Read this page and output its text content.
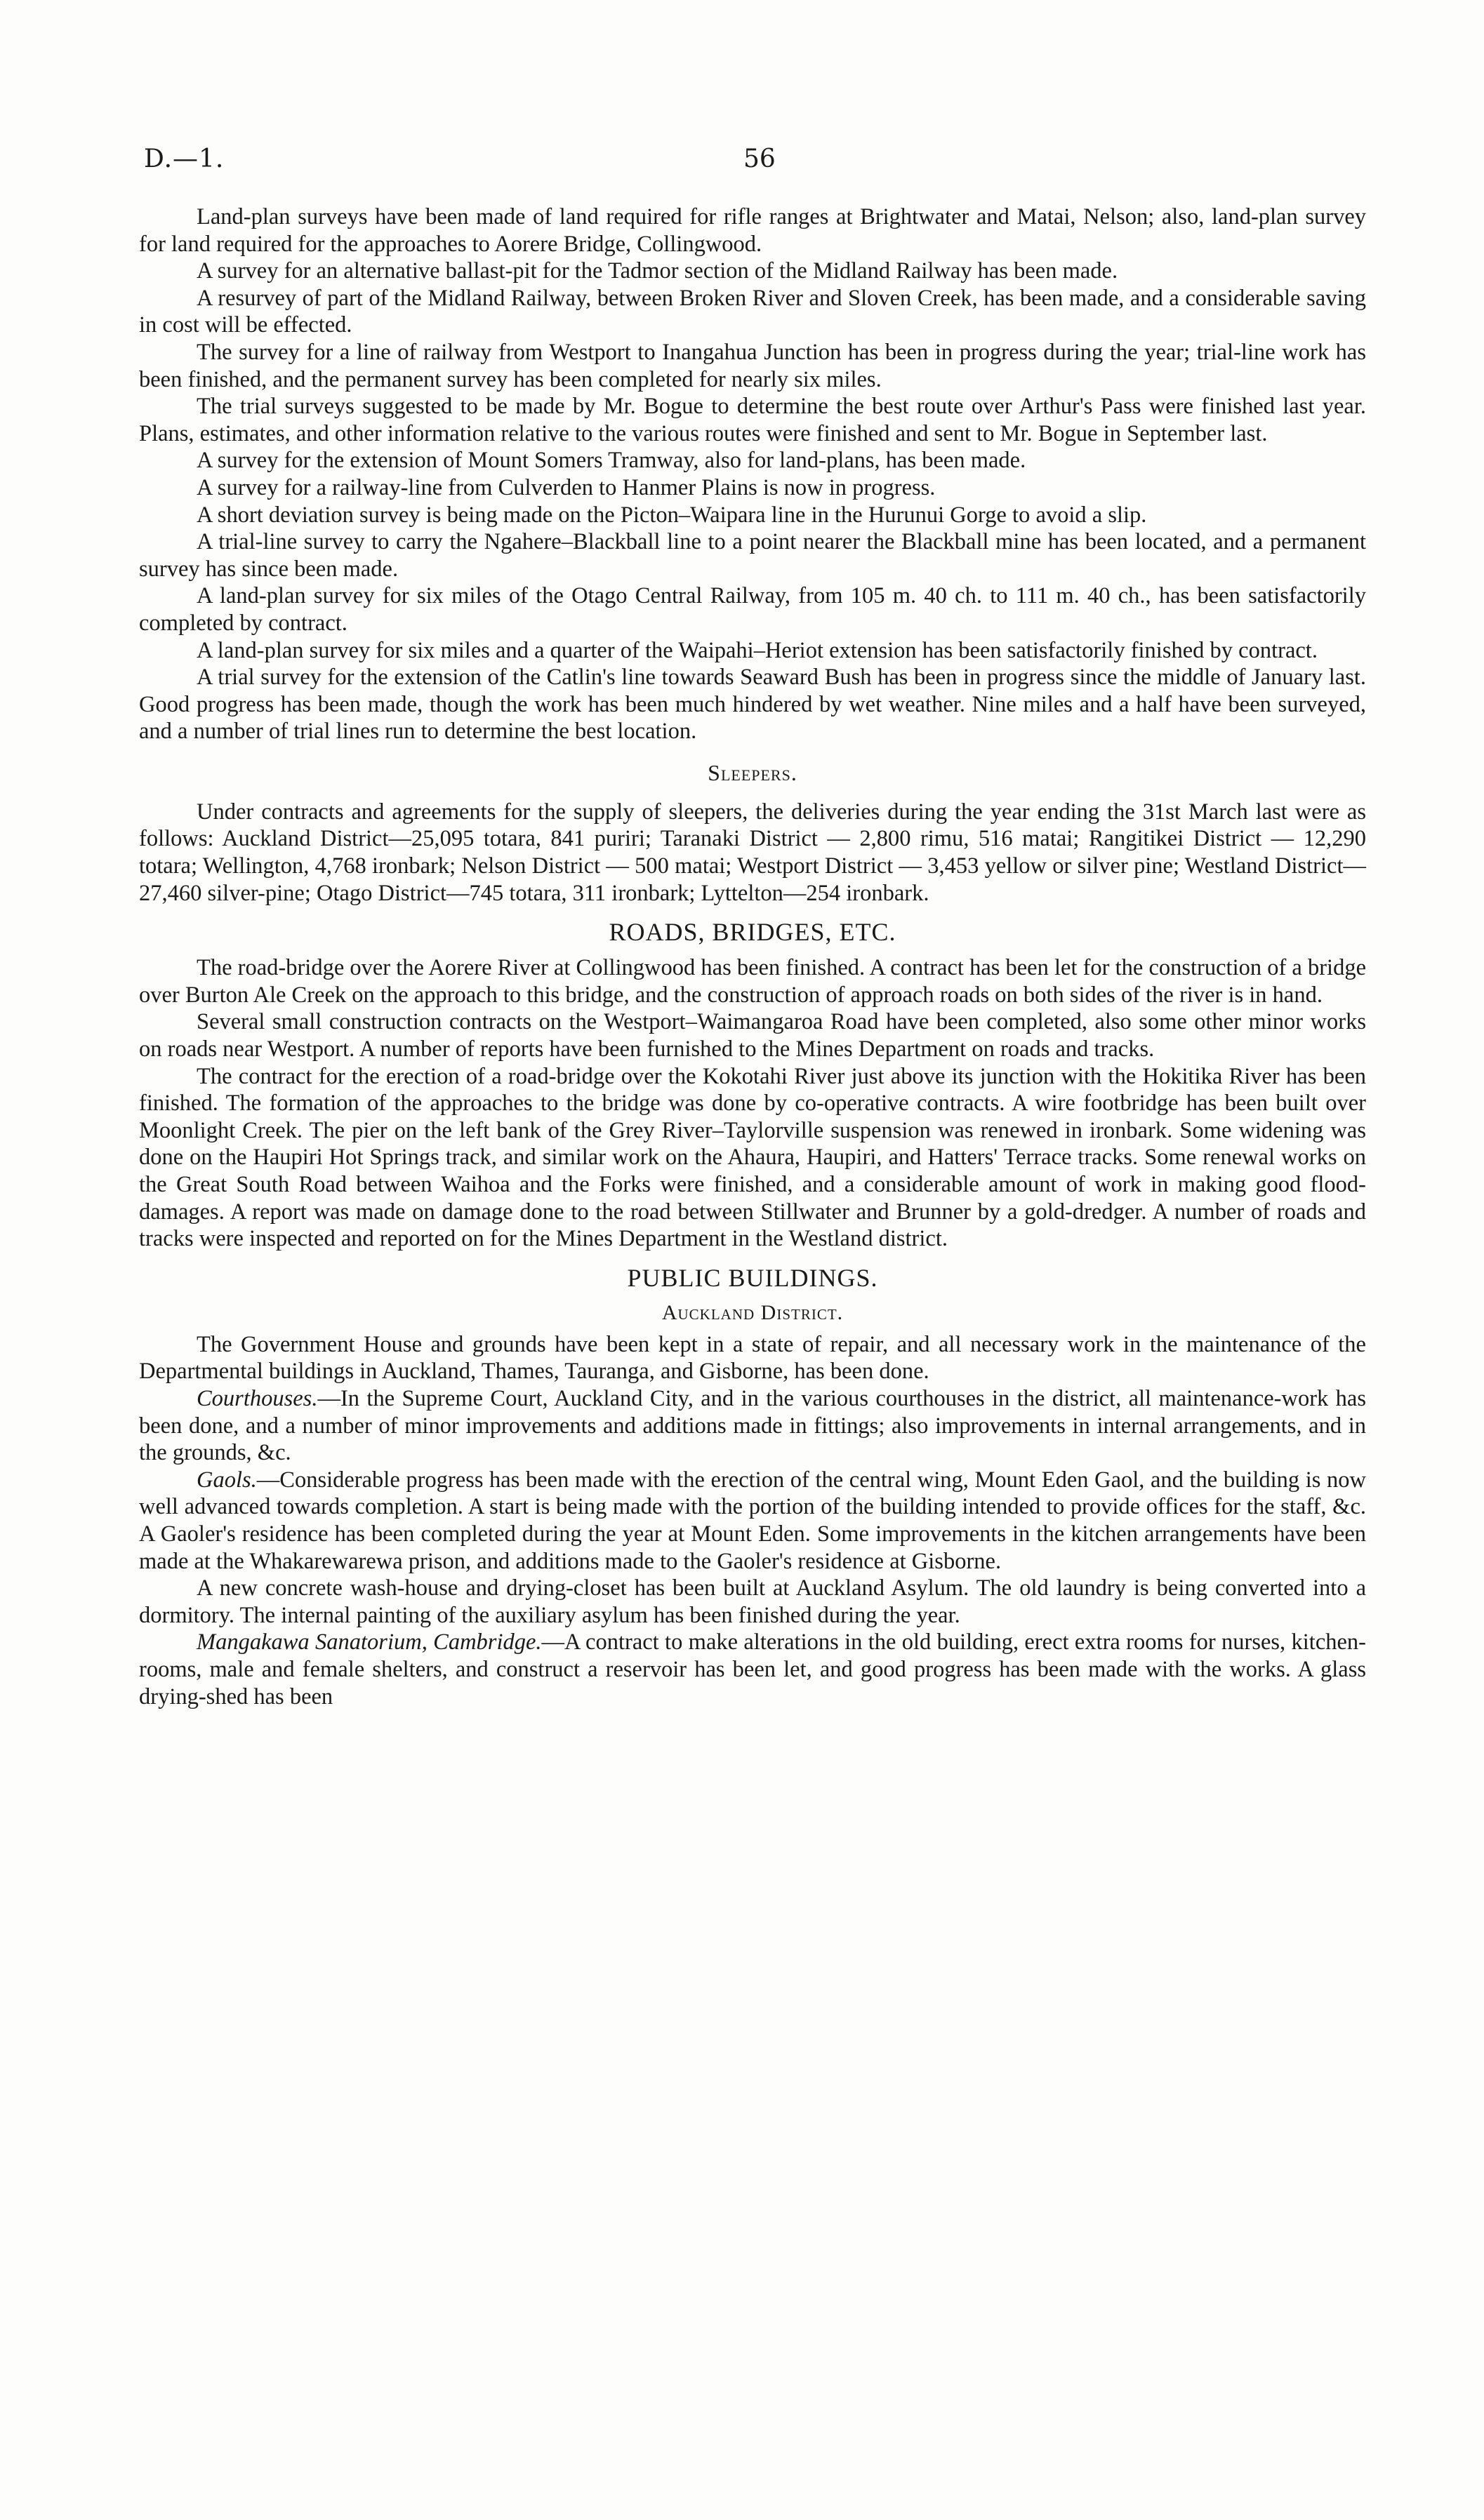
D.—1.	56

Land-plan surveys have been made of land required for rifle ranges at Brightwater and Matai, Nelson; also, land-plan survey for land required for the approaches to Aorere Bridge, Collingwood.

A survey for an alternative ballast-pit for the Tadmor section of the Midland Railway has been made.

A resurvey of part of the Midland Railway, between Broken River and Sloven Creek, has been made, and a considerable saving in cost will be effected.

The survey for a line of railway from Westport to Inangahua Junction has been in progress during the year; trial-line work has been finished, and the permanent survey has been completed for nearly six miles.

The trial surveys suggested to be made by Mr. Bogue to determine the best route over Arthur's Pass were finished last year. Plans, estimates, and other information relative to the various routes were finished and sent to Mr. Bogue in September last.

A survey for the extension of Mount Somers Tramway, also for land-plans, has been made.

A survey for a railway-line from Culverden to Hanmer Plains is now in progress.

A short deviation survey is being made on the Picton–Waipara line in the Hurunui Gorge to avoid a slip.

A trial-line survey to carry the Ngahere–Blackball line to a point nearer the Blackball mine has been located, and a permanent survey has since been made.

A land-plan survey for six miles of the Otago Central Railway, from 105 m. 40 ch. to 111 m. 40 ch., has been satisfactorily completed by contract.

A land-plan survey for six miles and a quarter of the Waipahi–Heriot extension has been satisfactorily finished by contract.

A trial survey for the extension of the Catlin's line towards Seaward Bush has been in progress since the middle of January last. Good progress has been made, though the work has been much hindered by wet weather. Nine miles and a half have been surveyed, and a number of trial lines run to determine the best location.

Sleepers.

Under contracts and agreements for the supply of sleepers, the deliveries during the year ending the 31st March last were as follows: Auckland District—25,095 totara, 841 puriri; Taranaki District — 2,800 rimu, 516 matai; Rangitikei District — 12,290 totara; Wellington, 4,768 ironbark; Nelson District — 500 matai; Westport District — 3,453 yellow or silver pine; Westland District—27,460 silver-pine; Otago District—745 totara, 311 ironbark; Lyttelton—254 ironbark.

ROADS, BRIDGES, ETC.

The road-bridge over the Aorere River at Collingwood has been finished. A contract has been let for the construction of a bridge over Burton Ale Creek on the approach to this bridge, and the construction of approach roads on both sides of the river is in hand.

Several small construction contracts on the Westport–Waimangaroa Road have been completed, also some other minor works on roads near Westport. A number of reports have been furnished to the Mines Department on roads and tracks.

The contract for the erection of a road-bridge over the Kokotahi River just above its junction with the Hokitika River has been finished. The formation of the approaches to the bridge was done by co-operative contracts. A wire footbridge has been built over Moonlight Creek. The pier on the left bank of the Grey River–Taylorville suspension was renewed in ironbark. Some widening was done on the Haupiri Hot Springs track, and similar work on the Ahaura, Haupiri, and Hatters' Terrace tracks. Some renewal works on the Great South Road between Waihoa and the Forks were finished, and a considerable amount of work in making good flood-damages. A report was made on damage done to the road between Stillwater and Brunner by a gold-dredger. A number of roads and tracks were inspected and reported on for the Mines Department in the Westland district.

PUBLIC BUILDINGS.
Auckland District.

The Government House and grounds have been kept in a state of repair, and all necessary work in the maintenance of the Departmental buildings in Auckland, Thames, Tauranga, and Gisborne, has been done.

Courthouses.—In the Supreme Court, Auckland City, and in the various courthouses in the district, all maintenance-work has been done, and a number of minor improvements and additions made in fittings; also improvements in internal arrangements, and in the grounds, &c.

Gaols.—Considerable progress has been made with the erection of the central wing, Mount Eden Gaol, and the building is now well advanced towards completion. A start is being made with the portion of the building intended to provide offices for the staff, &c. A Gaoler's residence has been completed during the year at Mount Eden. Some improvements in the kitchen arrangements have been made at the Whakarewarewa prison, and additions made to the Gaoler's residence at Gisborne.

A new concrete wash-house and drying-closet has been built at Auckland Asylum. The old laundry is being converted into a dormitory. The internal painting of the auxiliary asylum has been finished during the year.

Mangakawa Sanatorium, Cambridge.—A contract to make alterations in the old building, erect extra rooms for nurses, kitchen-rooms, male and female shelters, and construct a reservoir has been let, and good progress has been made with the works. A glass drying-shed has been
